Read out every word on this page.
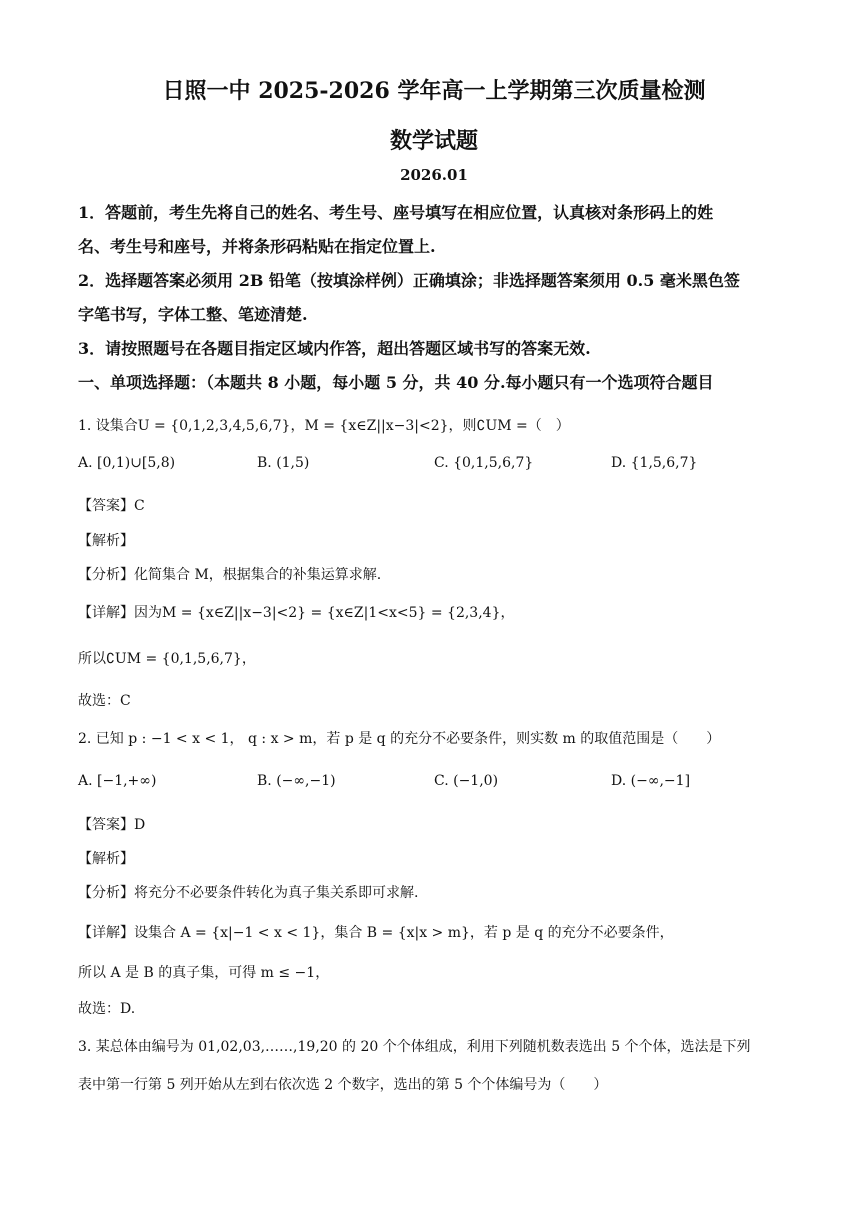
日照一中 2025-2026 学年高一上学期第三次质量检测
数学试题
2026.01
1．答题前，考生先将自己的姓名、考生号、座号填写在相应位置，认真核对条形码上的姓
名、考生号和座号，并将条形码粘贴在指定位置上.
2．选择题答案必须用 2B 铅笔（按填涂样例）正确填涂；非选择题答案须用 0.5 毫米黑色签
字笔书写，字体工整、笔迹清楚.
3．请按照题号在各题目指定区域内作答，超出答题区域书写的答案无效.
一、单项选择题：（本题共 8 小题，每小题 5 分，共 40 分.每小题只有一个选项符合题目
1. 设集合U = {0,1,2,3,4,5,6,7}，M = {x∈Z||x−3|<2}，则∁UM =（　）
A. [0,1)∪[5,8)	B. (1,5)	C. {0,1,5,6,7}	D. {1,5,6,7}
【答案】C
【解析】
【分析】化简集合 M，根据集合的补集运算求解.
【详解】因为M = {x∈Z||x−3|<2} = {x∈Z|1<x<5} = {2,3,4}，
所以∁UM = {0,1,5,6,7}，
故选：C
2. 已知 p : −1 < x < 1， q : x > m，若 p 是 q 的充分不必要条件，则实数 m 的取值范围是（　　）
A. [−1,+∞)	B. (−∞,−1)	C. (−1,0)	D. (−∞,−1]
【答案】D
【解析】
【分析】将充分不必要条件转化为真子集关系即可求解.
【详解】设集合 A = {x|−1 < x < 1}，集合 B = {x|x > m}，若 p 是 q 的充分不必要条件，
所以 A 是 B 的真子集，可得 m ≤ −1，
故选：D.
3. 某总体由编号为 01,02,03,……,19,20 的 20 个个体组成，利用下列随机数表选出 5 个个体，选法是下列
表中第一行第 5 列开始从左到右依次选 2 个数字，选出的第 5 个个体编号为（　　）
